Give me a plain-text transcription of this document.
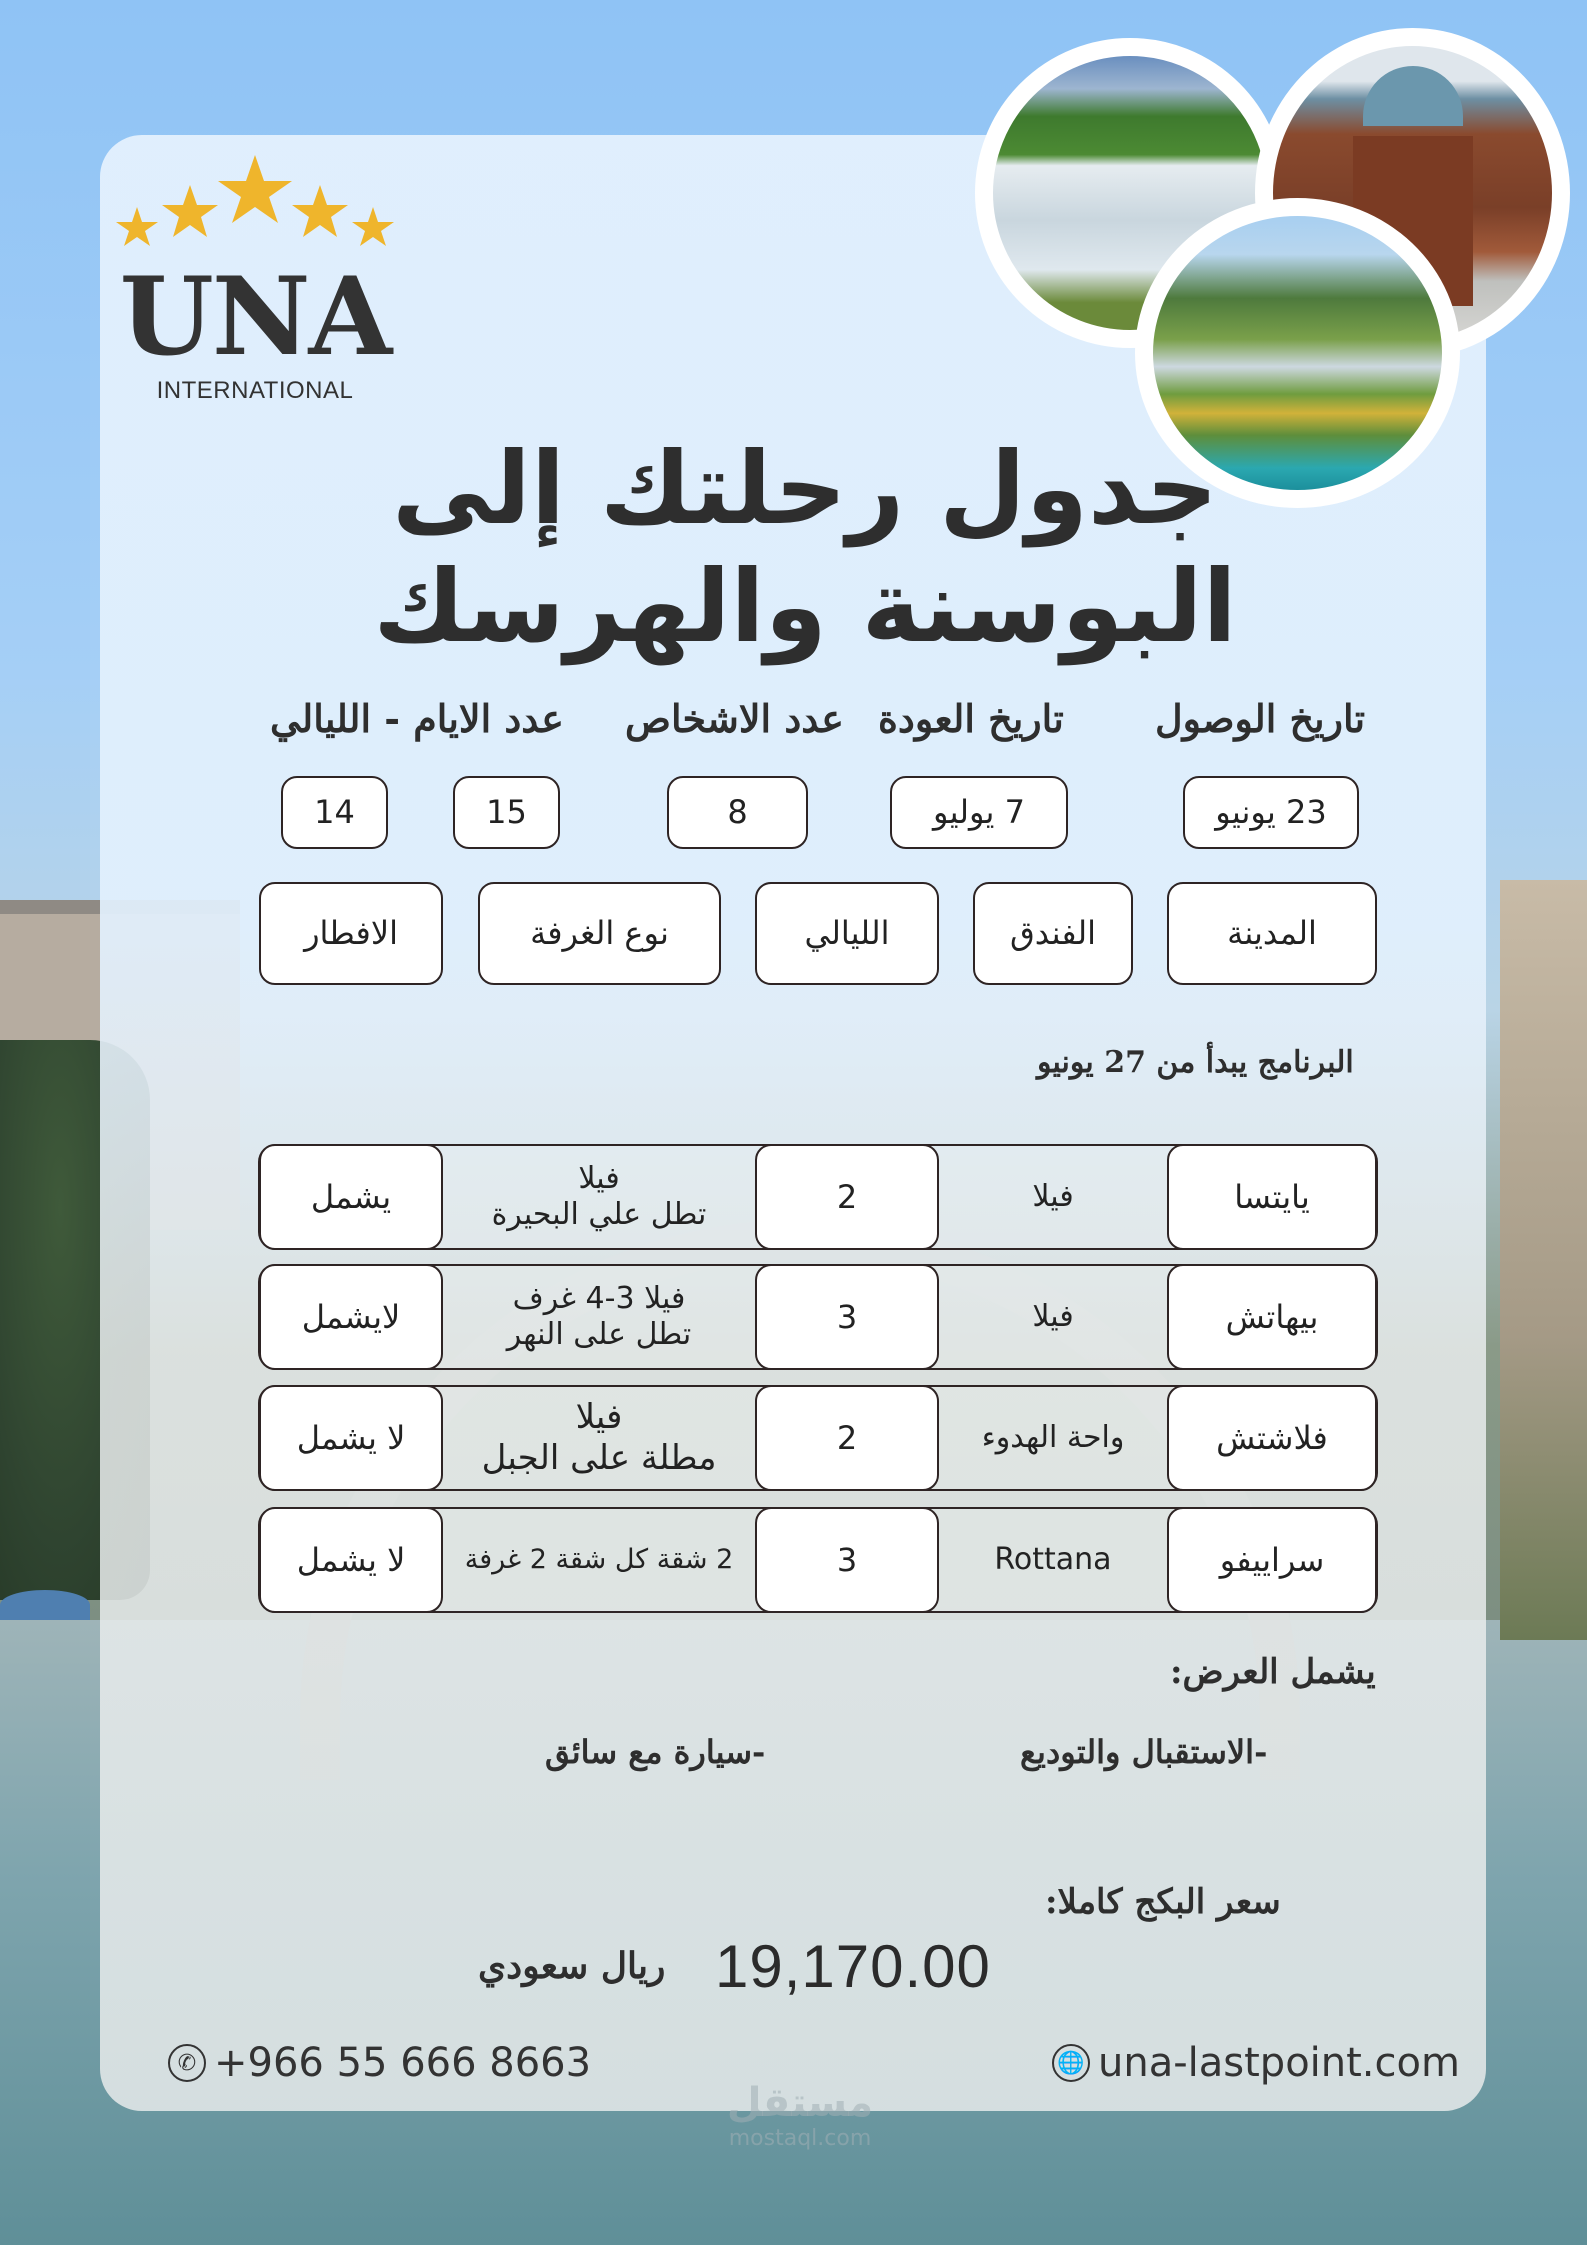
UNA
INTERNATIONAL
جدول رحلتك إلى
البوسنة والهرسك
تاريخ الوصول
تاريخ العودة
عدد الاشخاص
عدد الايام - الليالي
23 يونيو
7 يوليو
8
15
14
المدينة
الفندق
الليالي
نوع الغرفة
الافطار
البرنامج يبدأ من 27 يونيو
يايتسا
فيلا
2
فيلا
تطل علي البحيرة
يشمل
بيهاتش
فيلا
3
فيلا 3-4 غرف
تطل على النهر
لايشمل
فلاشتش
واحة الهدوء
2
فيلا
مطلة على الجبل
لا يشمل
سراييفو
Rottana
3
2 شقة كل شقة 2 غرفة
لا يشمل
يشمل العرض:
-الاستقبال والتوديع
-سيارة مع سائق
سعر البكج كاملا:
19,170.00
ريال سعودي
✆ +966 55 666 8663	🌐 una-lastpoint.com
مستقل
mostaql.com
